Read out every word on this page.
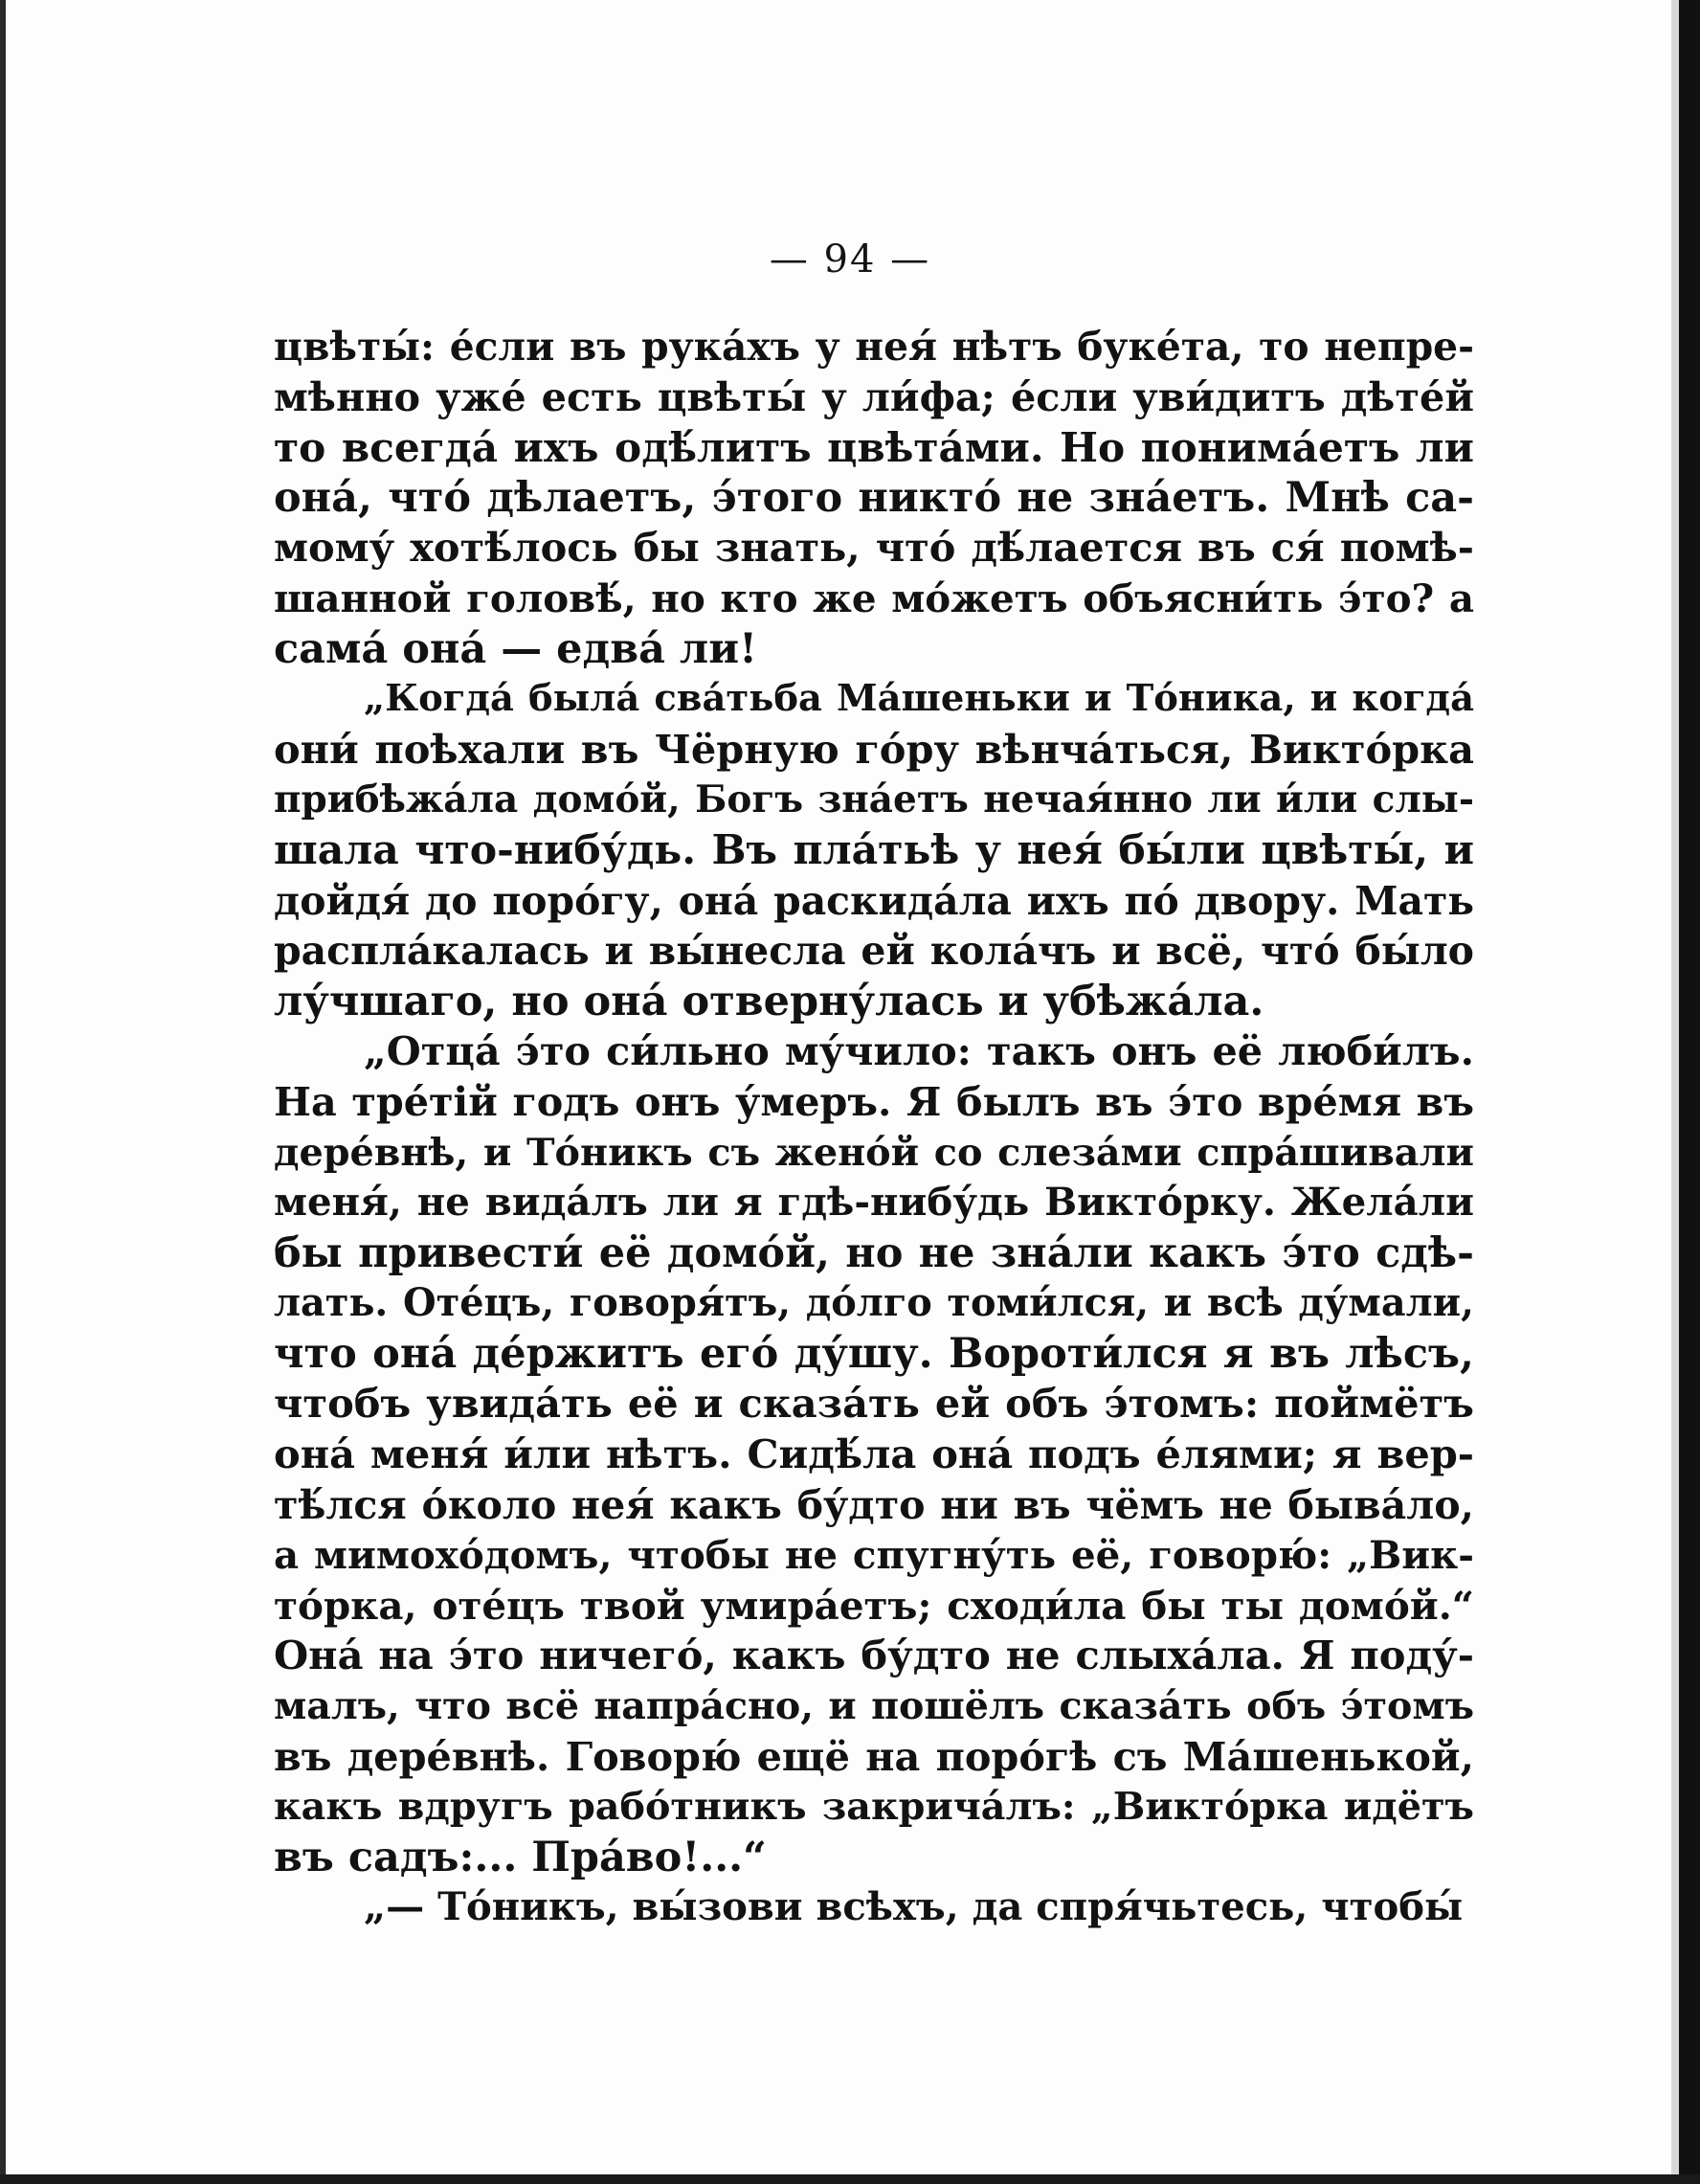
— 94 —
цвѣты́: е́сли въ рука́хъ у нея́ нѣтъ буке́та, то непре-
мѣнно уже́ есть цвѣты́ у ли́фа; е́сли уви́дитъ дѣте́й
то всегда́ ихъ одѣ́литъ цвѣта́ми. Но понима́етъ ли
она́, что́ дѣлаетъ, э́того никто́ не зна́етъ. Мнѣ са-
мому́ хотѣ́лось бы знать, что́ дѣ́лается въ ся́ помѣ-
шанной головѣ́, но кто же мо́жетъ объясни́ть э́то? а
сама́ она́ — едва́ ли!
„Когда́ была́ сва́тьба Ма́шеньки и То́ника, и когда́
они́ поѣхали въ Чёрную го́ру вѣнча́ться, Викто́рка
прибѣжа́ла домо́й, Богъ зна́етъ нечая́нно ли и́ли слы-
шала что-нибу́дь. Въ пла́тьѣ у нея́ бы́ли цвѣты́, и
дойдя́ до поро́гу, она́ раскида́ла ихъ по́ двору. Мать
распла́калась и вы́несла ей кола́чъ и всё, что́ бы́ло
лу́чшаго, но она́ отверну́лась и убѣжа́ла.
„Отца́ э́то си́льно му́чило: такъ онъ её люби́лъ.
На тре́тій годъ онъ у́меръ. Я былъ въ э́то вре́мя въ
дере́внѣ, и То́никъ съ жено́й со слеза́ми спра́шивали
меня́, не вида́лъ ли я гдѣ-нибу́дь Викто́рку. Жела́ли
бы привести́ её домо́й, но не зна́ли какъ э́то сдѣ-
лать. Оте́цъ, говоря́тъ, до́лго томи́лся, и всѣ ду́мали,
что она́ де́ржитъ его́ ду́шу. Вороти́лся я въ лѣсъ,
чтобъ увида́ть её и сказа́ть ей объ э́томъ: поймётъ
она́ меня́ и́ли нѣтъ. Сидѣ́ла она́ подъ е́лями; я вер-
тѣ́лся о́коло нея́ какъ бу́дто ни въ чёмъ не быва́ло,
а мимохо́домъ, чтобы не спугну́ть её, говорю́: „Вик-
то́рка, оте́цъ твой умира́етъ; сходи́ла бы ты домо́й.“
Она́ на э́то ничего́, какъ бу́дто не слыха́ла. Я поду́-
малъ, что всё напра́сно, и пошёлъ сказа́ть объ э́томъ
въ дере́внѣ. Говорю́ ещё на поро́гѣ съ Ма́шенькой,
какъ вдругъ рабо́тникъ закрича́лъ: „Викто́рка идётъ
въ садъ:... Пра́во!...“
„— То́никъ, вы́зови всѣхъ, да спря́чьтесь, чтобы́
